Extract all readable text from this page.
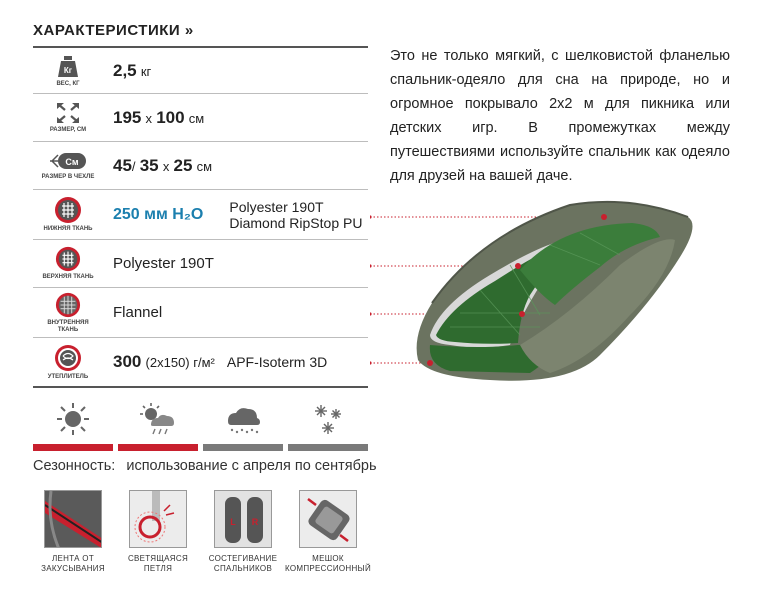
ХАРАКТЕРИСТИКИ »
Кг
ВЕС, КГ
2,5 кг
РАЗМЕР, СМ
195 х 100 см
См
РАЗМЕР В ЧЕХЛЕ
45/ 35 х 25 см
НИЖНЯЯ ТКАНЬ
250 мм H₂O Polyester 190T
Diamond RipStop PU
ВЕРХНЯЯ ТКАНЬ
Polyester 190T
ВНУТРЕННЯЯ
ТКАНЬ
Flannel
УТЕПЛИТЕЛЬ
300 (2х150) г/м² APF-Isoterm 3D
Сезонность: использование с апреля по сентябрь
ЛЕНТА ОТ
ЗАКУСЫВАНИЯ
СВЕТЯЩАЯСЯ
ПЕТЛЯ
L R
СОСТЕГИВАНИЕ
СПАЛЬНИКОВ
МЕШОК
КОМПРЕССИОННЫЙ
Это не только мягкий, с шелковистой фланелью спальник-одеяло для сна на природе, но и огромное покрывало 2х2 м для пикника или детских игр. В промежутках между путешествиями используйте спальник как одеяло для друзей на вашей даче.
